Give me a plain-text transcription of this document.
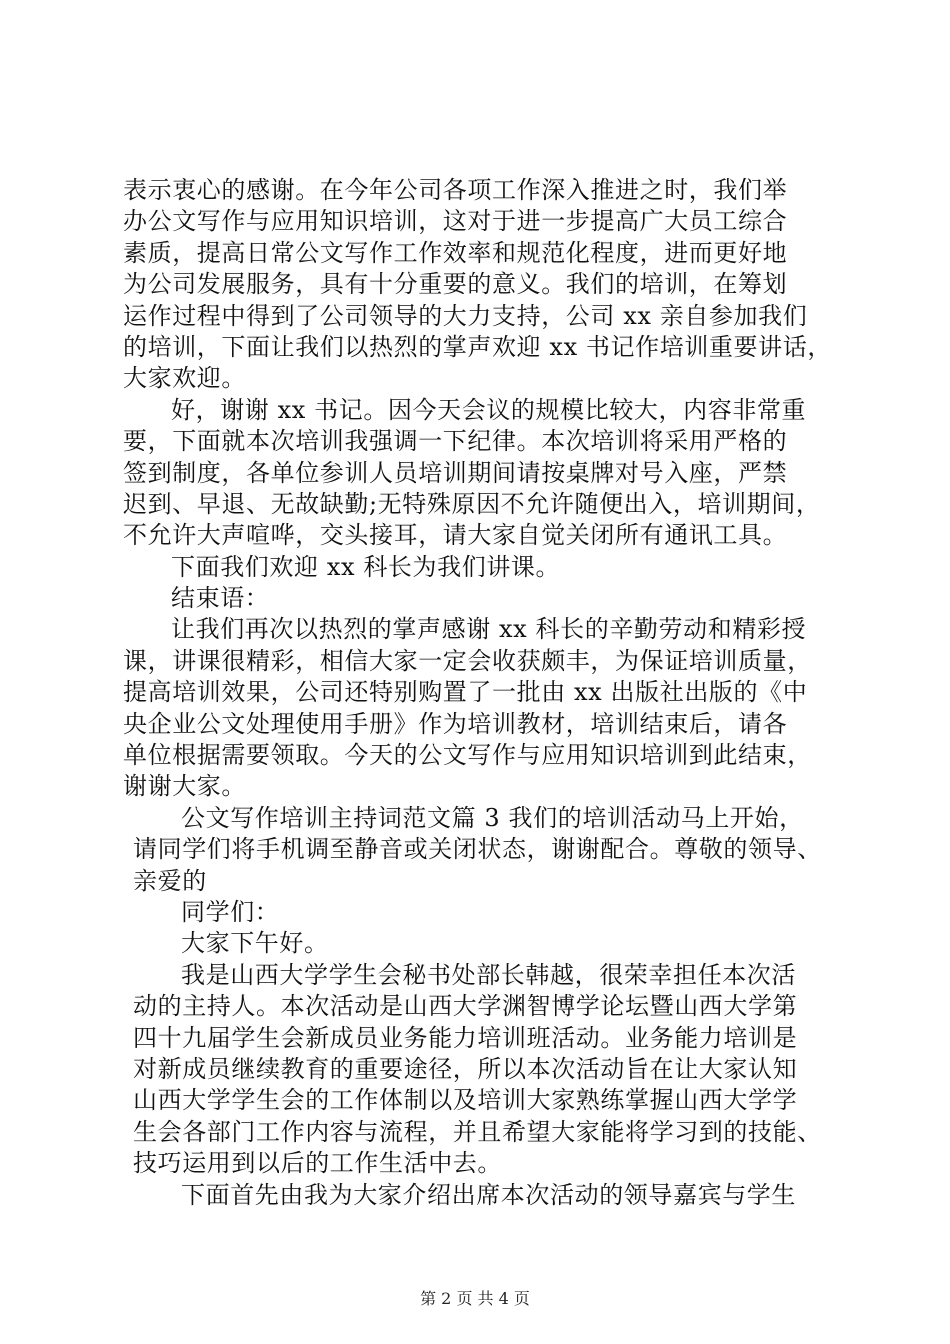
表示衷心的感谢。在今年公司各项工作深入推进之时，我们举
办公文写作与应用知识培训，这对于进一步提高广大员工综合
素质，提高日常公文写作工作效率和规范化程度，进而更好地
为公司发展服务，具有十分重要的意义。我们的培训，在筹划
运作过程中得到了公司领导的大力支持，公司 xx 亲自参加我们
的培训，下面让我们以热烈的掌声欢迎 xx 书记作培训重要讲话，
大家欢迎。
好，谢谢 xx 书记。因今天会议的规模比较大，内容非常重
要，下面就本次培训我强调一下纪律。本次培训将采用严格的
签到制度，各单位参训人员培训期间请按桌牌对号入座，严禁
迟到、早退、无故缺勤;无特殊原因不允许随便出入，培训期间，
不允许大声喧哗，交头接耳，请大家自觉关闭所有通讯工具。
下面我们欢迎 xx 科长为我们讲课。
结束语：
让我们再次以热烈的掌声感谢 xx 科长的辛勤劳动和精彩授
课，讲课很精彩，相信大家一定会收获颇丰，为保证培训质量，
提高培训效果，公司还特别购置了一批由 xx 出版社出版的《中
央企业公文处理使用手册》作为培训教材，培训结束后，请各
单位根据需要领取。今天的公文写作与应用知识培训到此结束，
谢谢大家。
公文写作培训主持词范文篇 3 我们的培训活动马上开始，
请同学们将手机调至静音或关闭状态，谢谢配合。尊敬的领导、
亲爱的
同学们：
大家下午好。
我是山西大学学生会秘书处部长韩越，很荣幸担任本次活
动的主持人。本次活动是山西大学渊智博学论坛暨山西大学第
四十九届学生会新成员业务能力培训班活动。业务能力培训是
对新成员继续教育的重要途径，所以本次活动旨在让大家认知
山西大学学生会的工作体制以及培训大家熟练掌握山西大学学
生会各部门工作内容与流程，并且希望大家能将学习到的技能、
技巧运用到以后的工作生活中去。
下面首先由我为大家介绍出席本次活动的领导嘉宾与学生
第 2 页 共 4 页
